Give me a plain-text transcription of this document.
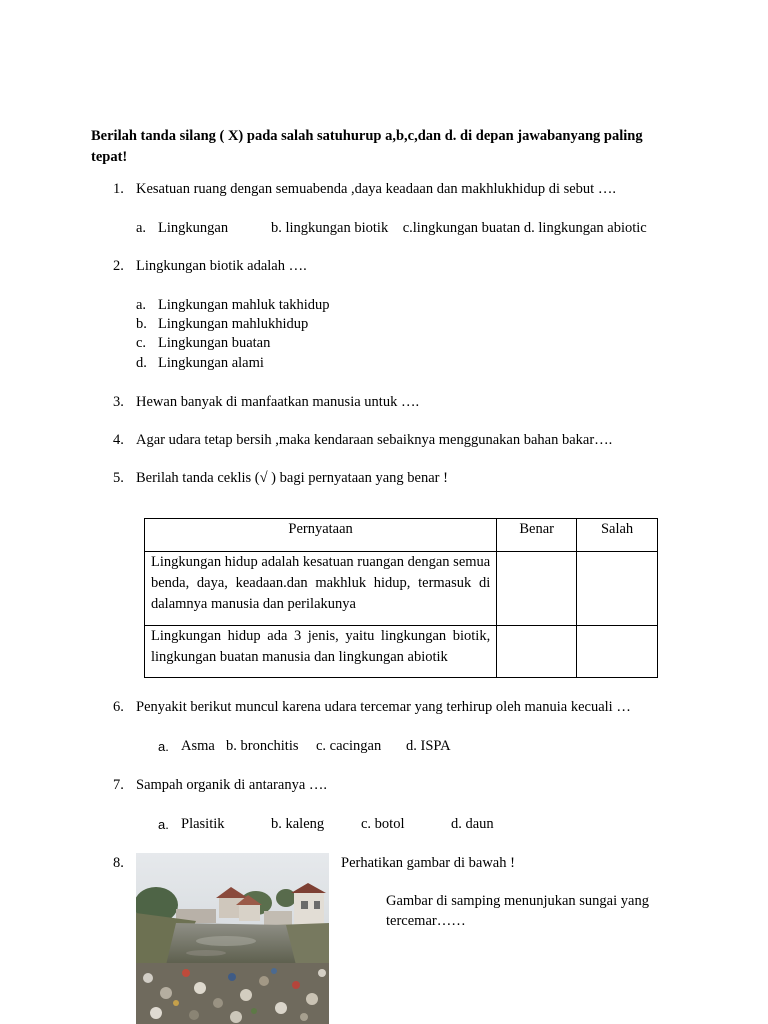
Berilah tanda silang ( X) pada salah satuhurup a,b,c,dan d. di depan jawabanyang paling tepat!
1. Kesatuan ruang dengan semuabenda ,daya keadaan dan makhlukhidup di sebut ….
a. Lingkungan	b. lingkungan biotik    c.lingkungan buatan d. lingkungan abiotic
2. Lingkungan biotik adalah ….
a. Lingkungan mahluk takhidup
b. Lingkungan mahlukhidup
c. Lingkungan buatan
d. Lingkungan alami
3. Hewan banyak di manfaatkan manusia untuk ….
4. Agar udara tetap bersih ,maka kendaraan sebaiknya menggunakan bahan bakar….
5. Berilah tanda ceklis (√ ) bagi pernyataan yang benar !
Pernyataan	Benar	Salah
Lingkungan hidup adalah kesatuan ruangan dengan semua benda, daya, keadaan.dan makhluk hidup, termasuk di dalamnya manusia dan perilakunya		
Lingkungan hidup ada 3 jenis, yaitu lingkungan biotik, lingkungan buatan manusia dan lingkungan abiotik		
6. Penyakit berikut muncul karena udara tercemar yang terhirup oleh manuia kecuali …
a. Asma b. bronchitis c. cacingan d. ISPA
7. Sampah organik di antaranya ….
a. Plasitik	b. kaleng	c. botol	d. daun
8.	Perhatikan gambar di bawah !
Gambar di samping menunjukan sungai yang
tercemar……
